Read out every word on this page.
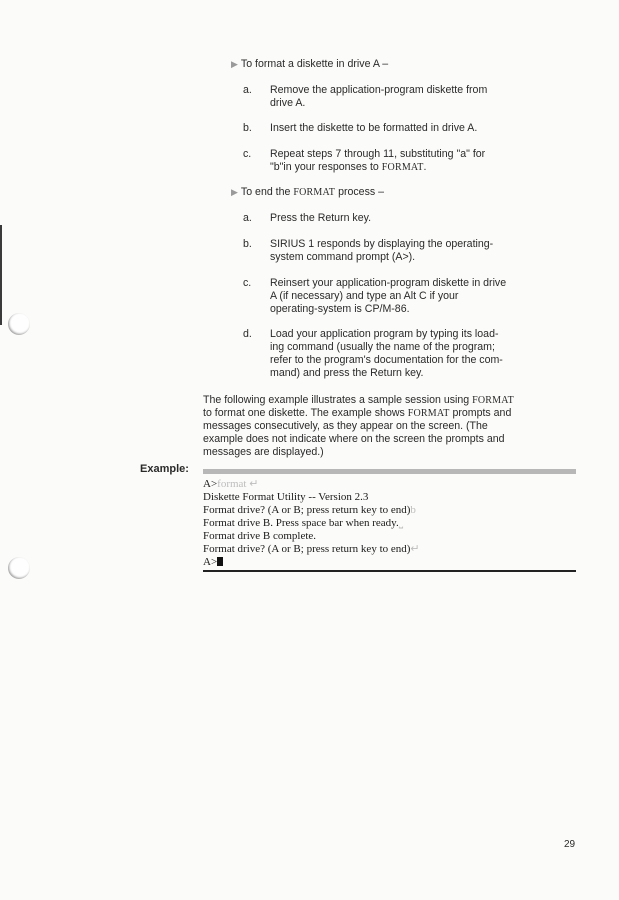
▶ To format a diskette in drive A –
a. Remove the application-program diskette from
drive A.
b. Insert the diskette to be formatted in drive A.
c. Repeat steps 7 through 11, substituting "a" for
"b"in your responses to FORMAT.
▶ To end the FORMAT process –
a. Press the Return key.
b. SIRIUS 1 responds by displaying the operating-
system command prompt (A>).
c. Reinsert your application-program diskette in drive
A (if necessary) and type an Alt C if your
operating-system is CP/M-86.
d. Load your application program by typing its load-
ing command (usually the name of the program;
refer to the program's documentation for the com-
mand) and press the Return key.
The following example illustrates a sample session using FORMAT
to format one diskette. The example shows FORMAT prompts and
messages consecutively, as they appear on the screen. (The
example does not indicate where on the screen the prompts and
messages are displayed.)
Example:
A>format ↵
Diskette Format Utility -- Version 2.3
Format drive? (A or B; press return key to end)b
Format drive B. Press space bar when ready.⎵
Format drive B complete.
Format drive? (A or B; press return key to end)↵
A>
29
